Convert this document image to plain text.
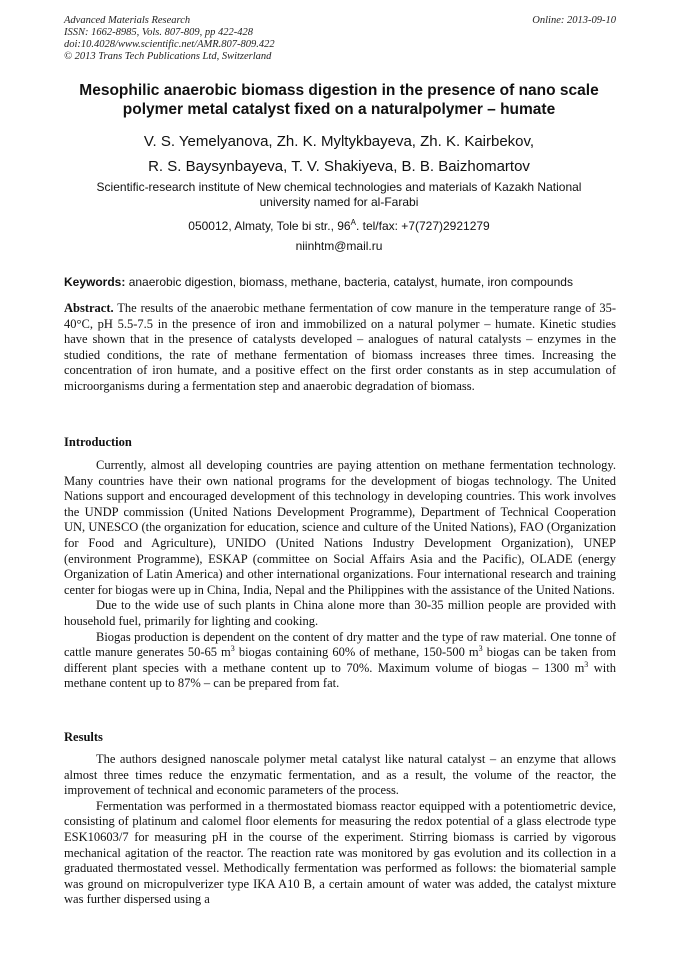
Advanced Materials Research
ISSN: 1662-8985, Vols. 807-809, pp 422-428
doi:10.4028/www.scientific.net/AMR.807-809.422
© 2013 Trans Tech Publications Ltd, Switzerland
Online: 2013-09-10
Mesophilic anaerobic biomass digestion in the presence of nano scale
polymer metal catalyst fixed on a naturalpolymer – humate
V. S. Yemelyanova, Zh. K. Myltykbayeva, Zh. K. Kairbekov,
R. S. Baysynbayeva, T. V. Shakiyeva, B. B. Baizhomartov
Scientific-research institute of New chemical technologies and materials of Kazakh National
university named for al-Farabi
050012, Almaty, Tole bi str., $96^A$. tel/fax: +7(727)2921279
niinhtm@mail.ru
Keywords: anaerobic digestion, biomass, methane, bacteria, catalyst, humate, iron compounds
Abstract. The results of the anaerobic methane fermentation of cow manure in the temperature range of 35-40°C, pH 5.5-7.5 in the presence of iron and immobilized on a natural polymer – humate. Kinetic studies have shown that in the presence of catalysts developed – analogues of natural catalysts – enzymes in the studied conditions, the rate of methane fermentation of biomass increases three times. Increasing the concentration of iron humate, and a positive effect on the first order constants as in step accumulation of microorganisms during a fermentation step and anaerobic degradation of biomass.
Introduction

Currently, almost all developing countries are paying attention on methane fermentation technology. Many countries have their own national programs for the development of biogas technology. The United Nations support and encouraged development of this technology in developing countries. This work involves the UNDP commission (United Nations Development Programme), Department of Technical Cooperation UN, UNESCO (the organization for education, science and culture of the United Nations), FAO (Organization for Food and Agriculture), UNIDO (United Nations Industry Development Organization), UNEP (environment Programme), ESKAP (committee on Social Affairs Asia and the Pacific), OLADE (energy Organization of Latin America) and other international organizations. Four international research and training center for biogas were up in China, India, Nepal and the Philippines with the assistance of the United Nations.

Due to the wide use of such plants in China alone more than 30-35 million people are provided with household fuel, primarily for lighting and cooking.

Biogas production is dependent on the content of dry matter and the type of raw material. One tonne of cattle manure generates 50-65 $m^3$ biogas containing 60% of methane, 150-500 $m^3$ biogas can be taken from different plant species with a methane content up to 70%. Maximum volume of biogas – 1300 $m^3$ with methane content up to 87% – can be prepared from fat.

Results

The authors designed nanoscale polymer metal catalyst like natural catalyst – an enzyme that allows almost three times reduce the enzymatic fermentation, and as a result, the volume of the reactor, the improvement of technical and economic parameters of the process.

Fermentation was performed in a thermostated biomass reactor equipped with a potentiometric device, consisting of platinum and calomel floor elements for measuring the redox potential of a glass electrode type ESK10603/7 for measuring pH in the course of the experiment. Stirring biomass is carried by vigorous mechanical agitation of the reactor. The reaction rate was monitored by gas evolution and its collection in a graduated thermostated vessel. Methodically fermentation was performed as follows: the biomaterial sample was ground on micropulverizer type IKA A10 B, a certain amount of water was added, the catalyst mixture was further dispersed using a
